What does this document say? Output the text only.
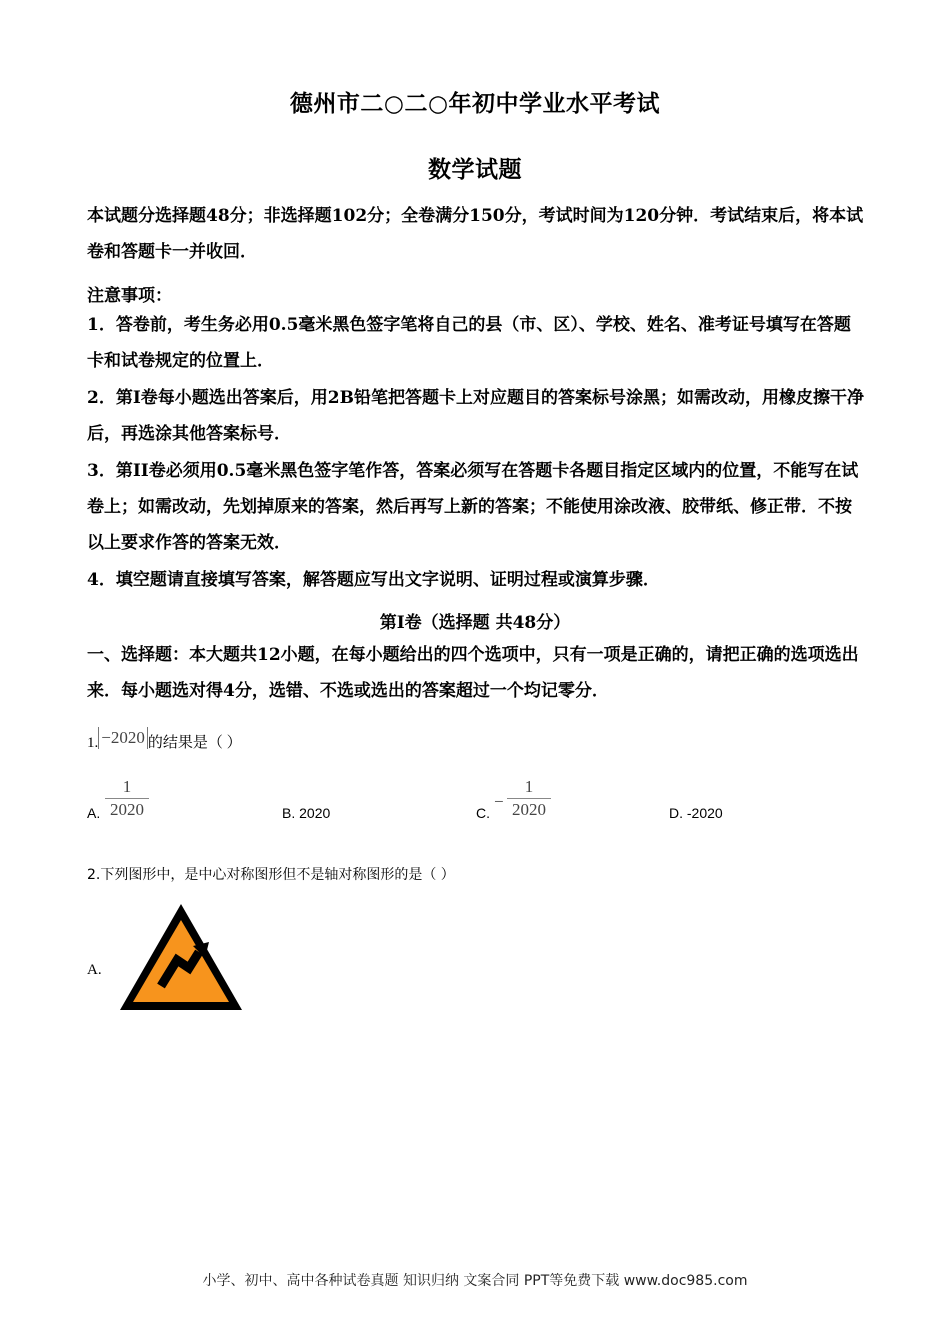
德州市二○二○年初中学业水平考试
数学试题
本试题分选择题48分；非选择题102分；全卷满分150分，考试时间为120分钟．考试结束后，将本试卷和答题卡一并收回．
注意事项：
1．答卷前，考生务必用0.5毫米黑色签字笔将自己的县（市、区）、学校、姓名、准考证号填写在答题卡和试卷规定的位置上．
2．第I卷每小题选出答案后，用2B铅笔把答题卡上对应题目的答案标号涂黑；如需改动，用橡皮擦干净后，再选涂其他答案标号．
3．第II卷必须用0.5毫米黑色签字笔作答，答案必须写在答题卡各题目指定区域内的位置，不能写在试卷上；如需改动，先划掉原来的答案，然后再写上新的答案；不能使用涂改液、胶带纸、修正带．不按以上要求作答的答案无效．
4．填空题请直接填写答案，解答题应写出文字说明、证明过程或演算步骤．
第I卷（选择题 共48分）
一、选择题：本大题共12小题，在每小题给出的四个选项中，只有一项是正确的，请把正确的选项选出来．每小题选对得4分，选错、不选或选出的答案超过一个均记零分．
1. −2020 的结果是（ ）
A.
1
2020	B. 2020	C.
−
1
2020	D. -2020
2.下列图形中，是中心对称图形但不是轴对称图形的是（ ）
A.
小学、初中、高中各种试卷真题 知识归纳 文案合同 PPT等免费下载 www.doc985.com
